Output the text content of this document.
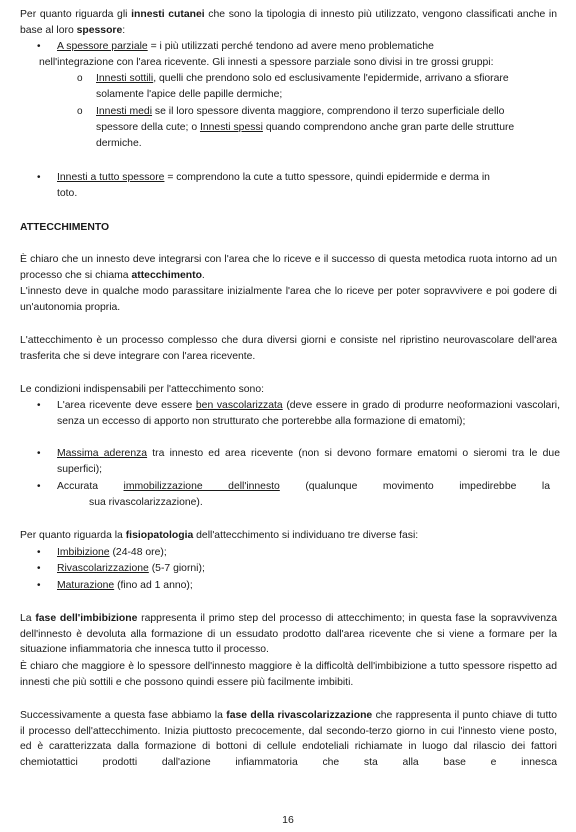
Per quanto riguarda gli innesti cutanei che sono la tipologia di innesto più utilizzato, vengono classificati anche in base al loro spessore:

• A spessore parziale = i più utilizzati perché tendono ad avere meno problematiche
nell'integrazione con l'area ricevente. Gli innesti a spessore parziale sono divisi in tre grossi gruppi:
o Innesti sottili, quelli che prendono solo ed esclusivamente l'epidermide, arrivano a sfiorare
solamente l'apice delle papille dermiche;
o Innesti medi se il loro spessore diventa maggiore, comprendono il terzo superficiale dello
spessore della cute; o Innesti spessi quando comprendono anche gran parte delle strutture
dermiche.
• Innesti a tutto spessore = comprendono la cute a tutto spessore, quindi epidermide e derma in
toto.
ATTECCHIMENTO

È chiaro che un innesto deve integrarsi con l'area che lo riceve e il successo di questa metodica ruota intorno ad un processo che si chiama attecchimento.

L'innesto deve in qualche modo parassitare inizialmente l'area che lo riceve per poter sopravvivere e poi godere di un'autonomia propria.

L'attecchimento è un processo complesso che dura diversi giorni e consiste nel ripristino neurovascolare dell'area trasferita che si deve integrare con l'area ricevente.

Le condizioni indispensabili per l'attecchimento sono:

• L'area ricevente deve essere ben vascolarizzata (deve essere in grado di produrre neoformazioni vascolari, senza un eccesso di apporto non strutturato che porterebbe alla formazione di ematomi);

• Massima aderenza tra innesto ed area ricevente (non si devono formare ematomi o sieromi tra le due superfici);

• Accurata immobilizzazione dell'innesto (qualunque movimento impedirebbe la
sua rivascolarizzazione).

Per quanto riguarda la fisiopatologia dell'attecchimento si individuano tre diverse fasi:

• Imbibizione (24-48 ore);
• Rivascolarizzazione (5-7 giorni);
• Maturazione (fino ad 1 anno);

La fase dell'imbibizione rappresenta il primo step del processo di attecchimento; in questa fase la sopravvivenza dell'innesto è devoluta alla formazione di un essudato prodotto dall'area ricevente che si viene a formare per la situazione infiammatoria che innesca tutto il processo.

È chiaro che maggiore è lo spessore dell'innesto maggiore è la difficoltà dell'imbibizione a tutto spessore rispetto ad innesti che più sottili e che possono quindi essere più facilmente imbibiti.

Successivamente a questa fase abbiamo la fase della rivascolarizzazione che rappresenta il punto chiave di tutto il processo dell'attecchimento. Inizia piuttosto precocemente, dal secondo-terzo giorno in cui l'innesto viene posto, ed è caratterizzata dalla formazione di bottoni di cellule endoteliali richiamate in luogo dal rilascio dei fattori chemiotattici prodotti dall'azione infiammatoria che sta alla base e innesca

16
